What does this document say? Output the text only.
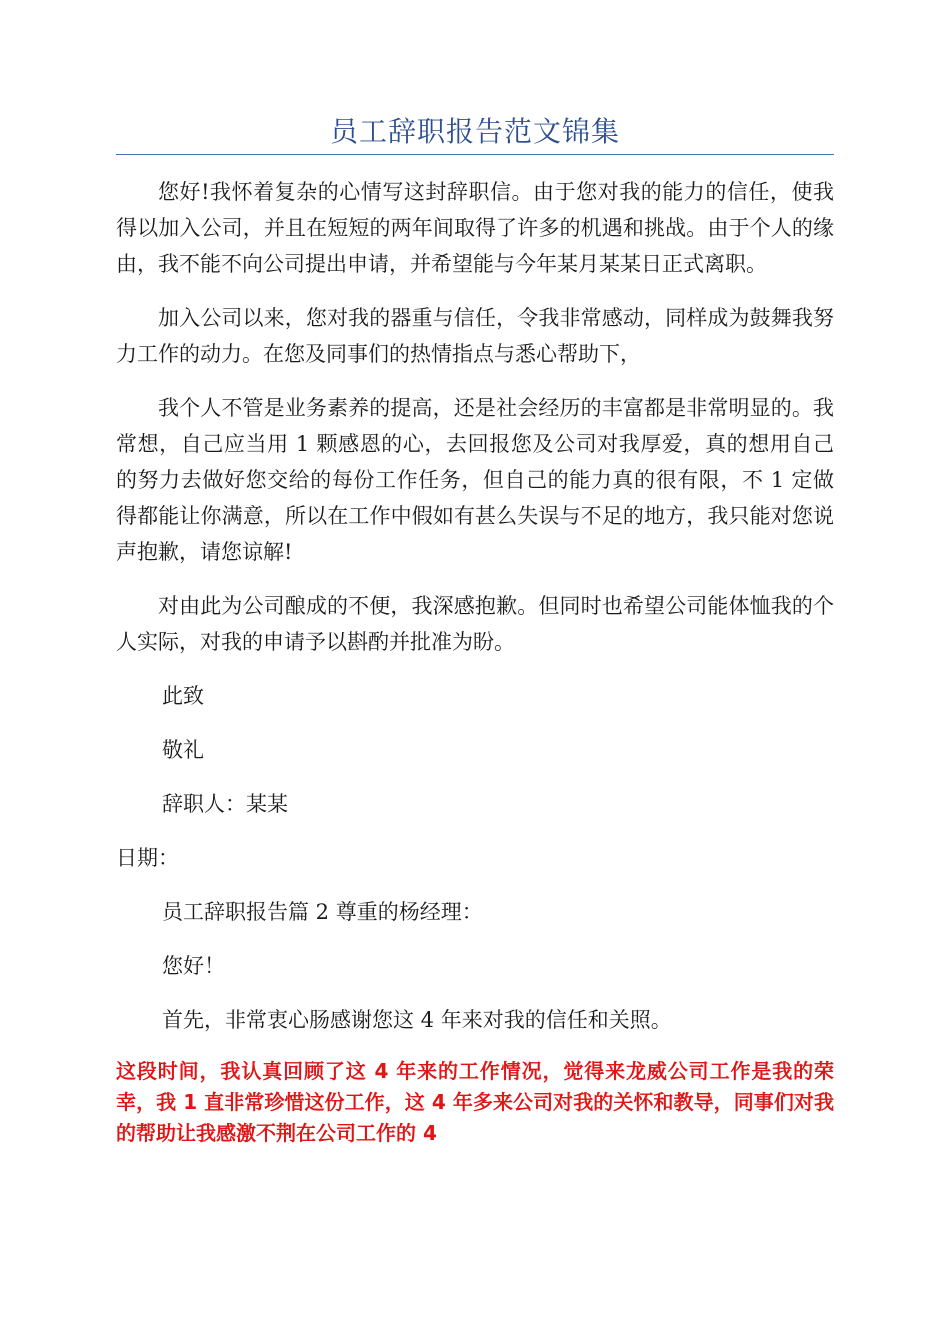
员工辞职报告范文锦集

您好!我怀着复杂的心情写这封辞职信。由于您对我的能力的信任，使我得以加入公司，并且在短短的两年间取得了许多的机遇和挑战。由于个人的缘由，我不能不向公司提出申请，并希望能与今年某月某某日正式离职。

加入公司以来，您对我的器重与信任，令我非常感动，同样成为鼓舞我努力工作的动力。在您及同事们的热情指点与悉心帮助下，

我个人不管是业务素养的提高，还是社会经历的丰富都是非常明显的。我常想，自己应当用 1 颗感恩的心，去回报您及公司对我厚爱，真的想用自己的努力去做好您交给的每份工作任务，但自己的能力真的很有限，不 1 定做得都能让你满意，所以在工作中假如有甚么失误与不足的地方，我只能对您说声抱歉，请您谅解!

对由此为公司酿成的不便，我深感抱歉。但同时也希望公司能体恤我的个人实际，对我的申请予以斟酌并批准为盼。

此致

敬礼

辞职人：某某

日期：

员工辞职报告篇 2 尊重的杨经理：

您好！

首先，非常衷心肠感谢您这 4 年来对我的信任和关照。

这段时间，我认真回顾了这 4 年来的工作情况，觉得来龙威公司工作是我的荣幸，我 1 直非常珍惜这份工作，这 4 年多来公司对我的关怀和教导，同事们对我的帮助让我感激不荆在公司工作的 4
